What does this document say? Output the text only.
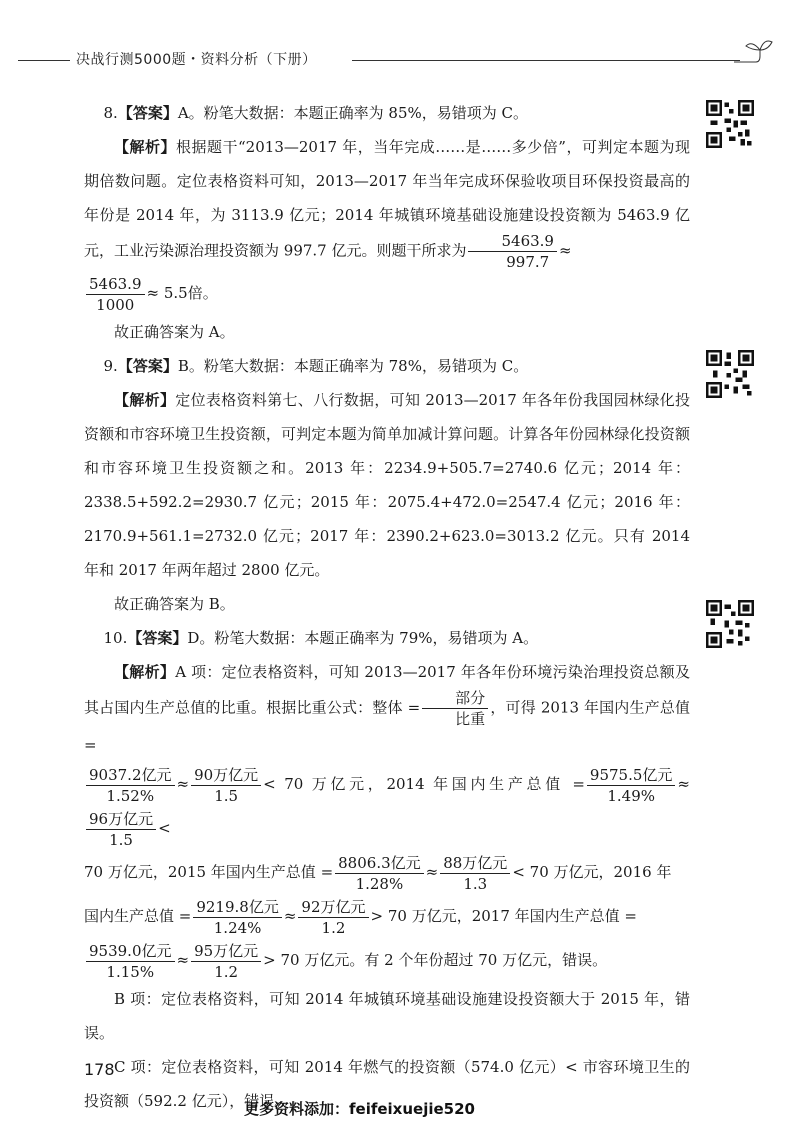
决战行测5000题・资料分析（下册）

8.【答案】A。粉笔大数据：本题正确率为 85%，易错项为 C。

【解析】根据题干“2013—2017 年，当年完成……是……多少倍”，可判定本题为现期倍数问题。定位表格资料可知，2013—2017 年当年完成环保验收项目环保投资最高的年份是 2014 年，为 3113.9 亿元；2014 年城镇环境基础设施建设投资额为 5463.9 亿元，工业污染源治理投资额为 997.7 亿元。则题干所求为 $\frac{5463.9}{997.7}$ ≈

$\frac{5463.9}{1000} \approx 5.5$倍。

故正确答案为 A。

9.【答案】B。粉笔大数据：本题正确率为 78%，易错项为 C。

【解析】定位表格资料第七、八行数据，可知 2013—2017 年各年份我国园林绿化投资额和市容环境卫生投资额，可判定本题为简单加减计算问题。计算各年份园林绿化投资额和市容环境卫生投资额之和。2013 年：2234.9+505.7=2740.6 亿元；2014 年：2338.5+592.2=2930.7 亿元；2015 年：2075.4+472.0=2547.4 亿元；2016 年：2170.9+561.1=2732.0 亿元；2017 年：2390.2+623.0=3013.2 亿元。只有 2014 年和 2017 年两年超过 2800 亿元。

故正确答案为 B。

10.【答案】D。粉笔大数据：本题正确率为 79%，易错项为 A。

【解析】A 项：定位表格资料，可知 2013—2017 年各年份环境污染治理投资总额及其占国内生产总值的比重。根据比重公式：整体 = $\frac{\text{部分}}{\text{比重}}$ ，可得 2013 年国内生产总值 =

$\frac{\text{9037.2亿元}}{1.52\%} \approx \frac{\text{90万亿元}}{1.5} < 70$ 万亿元，2014 年国内生产总值 = $\frac{\text{9575.5亿元}}{1.49\%}$ ≈
$\frac{\text{96万亿元}}{1.5}$ <

70 万亿元，2015 年国内生产总值 = $\frac{\text{8806.3亿元}}{1.28\%} \approx \frac{\text{88万亿元}}{1.3} < 70$ 万亿元，2016 年

国内生产总值 = $\frac{\text{9219.8亿元}}{1.24\%} \approx \frac{\text{92万亿元}}{1.2} > 70$ 万亿元，2017 年国内生产总值 =

$\frac{\text{9539.0亿元}}{1.15\%} \approx \frac{\text{95万亿元}}{1.2} > 70$ 万亿元。有 2 个年份超过 70 万亿元，错误。

B 项：定位表格资料，可知 2014 年城镇环境基础设施建设投资额大于 2015 年，错误。

C 项：定位表格资料，可知 2014 年燃气的投资额（574.0 亿元）< 市容环境卫生的投资额（592.2 亿元），错误。

178
更多资料添加：feifeixuejie520
